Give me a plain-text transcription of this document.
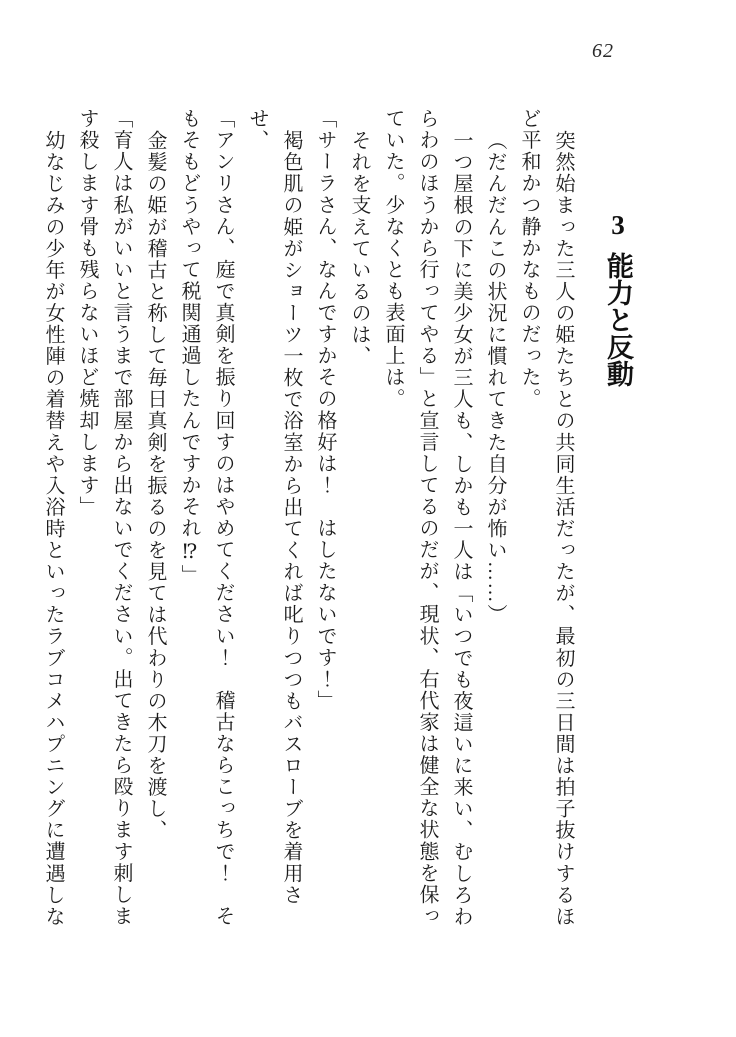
62
3能力と反動

突然始まった三人の姫たちとの共同生活だったが、最初の三日間は拍子抜けするほど平和かつ静かなものだった。

（だんだんこの状況に慣れてきた自分が怖い……）

一つ屋根の下に美少女が三人も、しかも一人は「いつでも夜這いに来い、むしろわらわのほうから行ってやる」と宣言してるのだが、現状、右代家は健全な状態を保っていた。少なくとも表面上は。

それを支えているのは、

「サーラさん、なんですかその格好は！　はしたないです！」

褐色肌の姫がショーツ一枚で浴室から出てくれば叱りつつもバスローブを着用させ、

「アンリさん、庭で真剣を振り回すのはやめてください！　稽古ならこっちで！　そもそもどうやって税関通過したんですかそれ⁉」

金髪の姫が稽古と称して毎日真剣を振るのを見ては代わりの木刀を渡し、

「育人は私がいいと言うまで部屋から出ないでください。出てきたら殴ります刺します殺します骨も残らないほど焼却します」

幼なじみの少年が女性陣の着替えや入浴時といったラブコメハプニングに遭遇しな
